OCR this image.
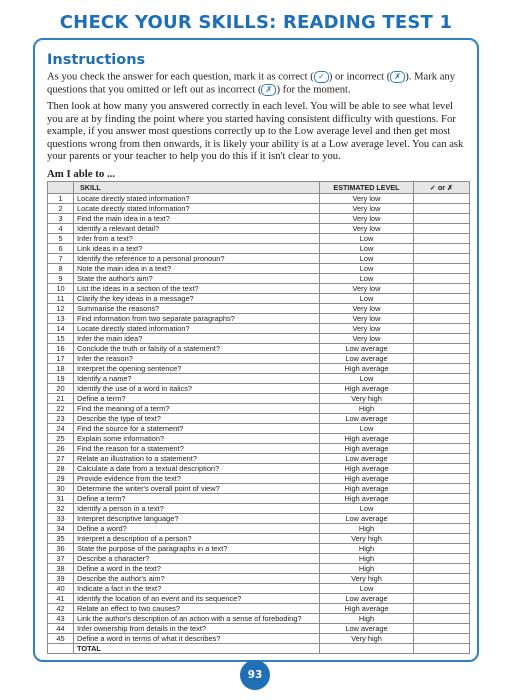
CHECK YOUR SKILLS: READING TEST 1
Instructions

As you check the answer for each question, mark it as correct ( ✓ ) or incorrect ( ✗ ). Mark any questions that you omitted or left out as incorrect ( ✗ ) for the moment.

Then look at how many you answered correctly in each level. You will be able to see what level you are at by finding the point where you started having consistent difficulty with questions. For example, if you answer most questions correctly up to the Low average level and then get most questions wrong from then onwards, it is likely your ability is at a Low average level. You can ask your parents or your teacher to help you do this if it isn't clear to you.

Am I able to ...

	SKILL	ESTIMATED LEVEL	✓ or ✗
1	Locate directly stated information?	Very low	
2	Locate directly stated information?	Very low	
3	Find the main idea in a text?	Very low	
4	Identify a relevant detail?	Very low	
5	Infer from a text?	Low	
6	Link ideas in a text?	Low	
7	Identify the reference to a personal pronoun?	Low	
8	Note the main idea in a text?	Low	
9	State the author's aim?	Low	
10	List the ideas in a section of the text?	Very low	
11	Clarify the key ideas in a message?	Low	
12	Summarise the reasons?	Very low	
13	Find information from two separate paragraphs?	Very low	
14	Locate directly stated information?	Very low	
15	Infer the main idea?	Very low	
16	Conclude the truth or falsity of a statement?	Low average	
17	Infer the reason?	Low average	
18	Interpret the opening sentence?	High average	
19	Identify a name?	Low	
20	Identify the use of a word in italics?	High average	
21	Define a term?	Very high	
22	Find the meaning of a term?	High	
23	Describe the type of text?	Low average	
24	Find the source for a statement?	Low	
25	Explain some information?	High average	
26	Find the reason for a statement?	High average	
27	Relate an illustration to a statement?	Low average	
28	Calculate a date from a textual description?	High average	
29	Provide evidence from the text?	High average	
30	Determine the writer's overall point of view?	High average	
31	Define a term?	High average	
32	Identify a person in a text?	Low	
33	Interpret descriptive language?	Low average	
34	Define a word?	High	
35	Interpret a description of a person?	Very high	
36	State the purpose of the paragraphs in a text?	High	
37	Describe a character?	High	
38	Define a word in the text?	High	
39	Describe the author's aim?	Very high	
40	Indicate a fact in the text?	Low	
41	Identify the location of an event and its sequence?	Low average	
42	Relate an effect to two causes?	High average	
43	Link the author's description of an action with a sense of foreboding?	High	
44	Infer ownership from details in the text?	Low average	
45	Define a word in terms of what it describes?	Very high	
	TOTAL		
93
